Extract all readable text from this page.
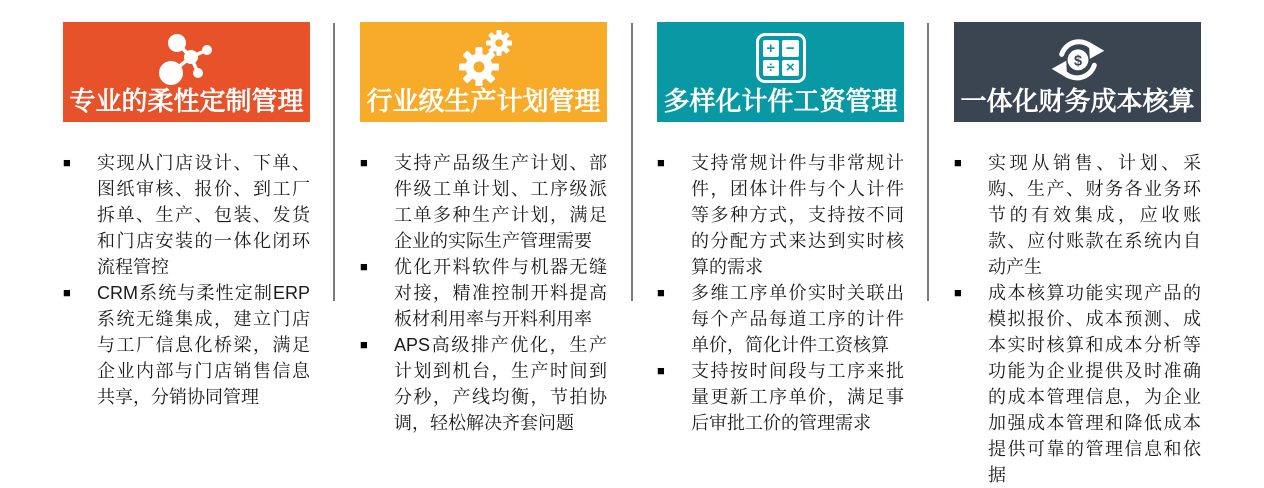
专业的柔性定制管理
■	实现从门店设计、下单、图纸审核、报价、到工厂拆单、生产、包装、发货和门店安装的一体化闭环流程管控
■	CRM系统与柔性定制ERP系统无缝集成，建立门店与工厂信息化桥梁，满足企业内部与门店销售信息共享，分销协同管理
行业级生产计划管理
■	支持产品级生产计划、部件级工单计划、工序级派工单多种生产计划，满足企业的实际生产管理需要
■	优化开料软件与机器无缝对接，精准控制开料提高板材利用率与开料利用率
■	APS高级排产优化，生产计划到机台，生产时间到分秒，产线均衡，节拍协调，轻松解决齐套问题
+ −
÷ ×
多样化计件工资管理
■	支持常规计件与非常规计件，团体计件与个人计件等多种方式，支持按不同的分配方式来达到实时核算的需求
■	多维工序单价实时关联出每个产品每道工序的计件单价，简化计件工资核算
■	支持按时间段与工序来批量更新工序单价，满足事后审批工价的管理需求
$
一体化财务成本核算
■	实现从销售、计划、采购、生产、财务各业务环节的有效集成，应收账款、应付账款在系统内自动产生
■	成本核算功能实现产品的模拟报价、成本预测、成本实时核算和成本分析等功能为企业提供及时准确的成本管理信息，为企业加强成本管理和降低成本提供可靠的管理信息和依据
